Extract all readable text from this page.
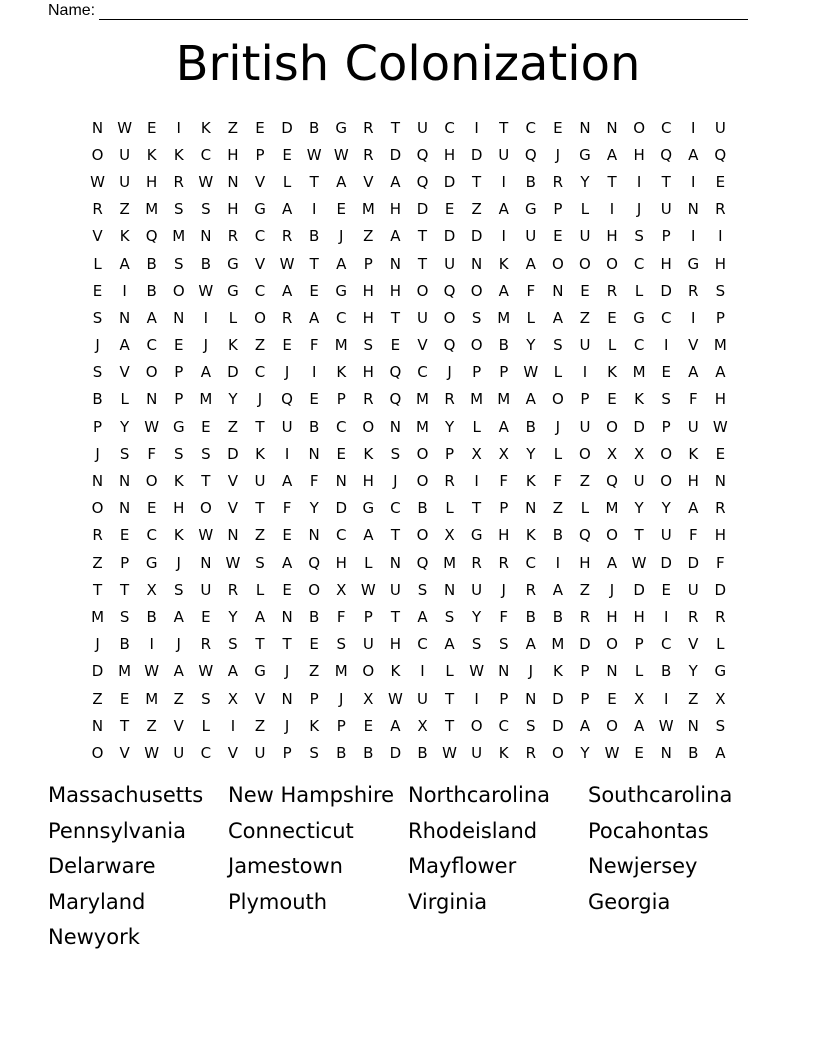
Name:
British Colonization
N W E	I	K	Z	E	D	B	G	R	T	U	C	I	T	C	E	N	N	O	C	I	U
O	U	K	K	C	H	P	E W W R	D	Q	H	D	U	Q	J	G	A	H	Q	A	Q
W U	H	R W N	V	L	T	A	V	A	Q	D	T	I	B	R	Y	T	I	T	I	E
R	Z	M	S	S	H	G	A	I	E	M H	D	E	Z	A	G	P	L	I	J	U	N	R
V	K	Q M N	R	C	R	B	J	Z	A	T	D	D	I	U	E	U	H	S	P	I	I
L	A	B	S	B	G	V W	T	A	P	N	T	U	N	K	A	O	O	O	C	H	G	H
E	I	B	O W G	C	A	E	G	H	H	O	Q	O	A	F	N	E	R	L	D	R	S
S	N	A	N	I	L	O	R	A	C	H	T	U	O	S	M	L	A	Z	E	G	C	I	P
J	A	C	E	J	K	Z	E	F	M	S	E	V	Q	O	B	Y	S	U	L	C	I	V	M
S	V	O	P	A	D	C	J	I	K	H	Q	C	J	P	P	W	L	I	K	M	E	A	A
B	L	N	P	M	Y	J	Q	E	P	R	Q M	R	M M	A	O	P	E	K	S	F	H
P	Y	W G	E	Z	T	U	B	C	O	N M	Y	L	A	B	J	U	O	D	P	U W
J	S	F	S	S	D	K	I	N	E	K	S	O	P	X	X	Y	L	O	X	X	O	K	E
N	N	O	K	T	V	U	A	F	N	H	J	O	R	I	F	K	F	Z	Q	U	O	H	N
O	N	E	H	O	V	T	F	Y	D	G	C	B	L	T	P	N	Z	L	M	Y	Y	A	R
R	E	C	K W N	Z	E	N	C	A	T	O	X	G	H	K	B	Q	O	T	U	F	H
Z	P	G	J	N W S	A	Q	H	L	N	Q M	R	R	C	I	H	A W D	D	F
T	T	X	S	U	R	L	E	O	X W U	S	N	U	J	R	A	Z	J	D	E	U	D
M	S	B	A	E	Y	A	N	B	F	P	T	A	S	Y	F	B	B	R	H	H	I	R	R
J	B	I	J	R	S	T	T	E	S	U	H	C	A	S	S	A	M D	O	P	C	V	L
D M W A W A	G	J	Z	M O	K	I	L	W N	J	K	P	N	L	B	Y	G
Z	E	M	Z	S	X	V	N	P	J	X W U	T	I	P	N	D	P	E	X	I	Z	X
N	T	Z	V	L	I	Z	J	K	P	E	A	X	T	O	C	S	D	A	O	A W N	S
O	V W U	C	V	U	P	S	B	B	D	B W U	K	R	O	Y	W E	N	B	A
Massachusetts	New Hampshire Northcarolina	Southcarolina
Pennsylvania	Connecticut	Rhodeisland	Pocahontas
Delarware	Jamestown	Mayflower	Newjersey
Maryland	Plymouth	Virginia	Georgia
Newyork
